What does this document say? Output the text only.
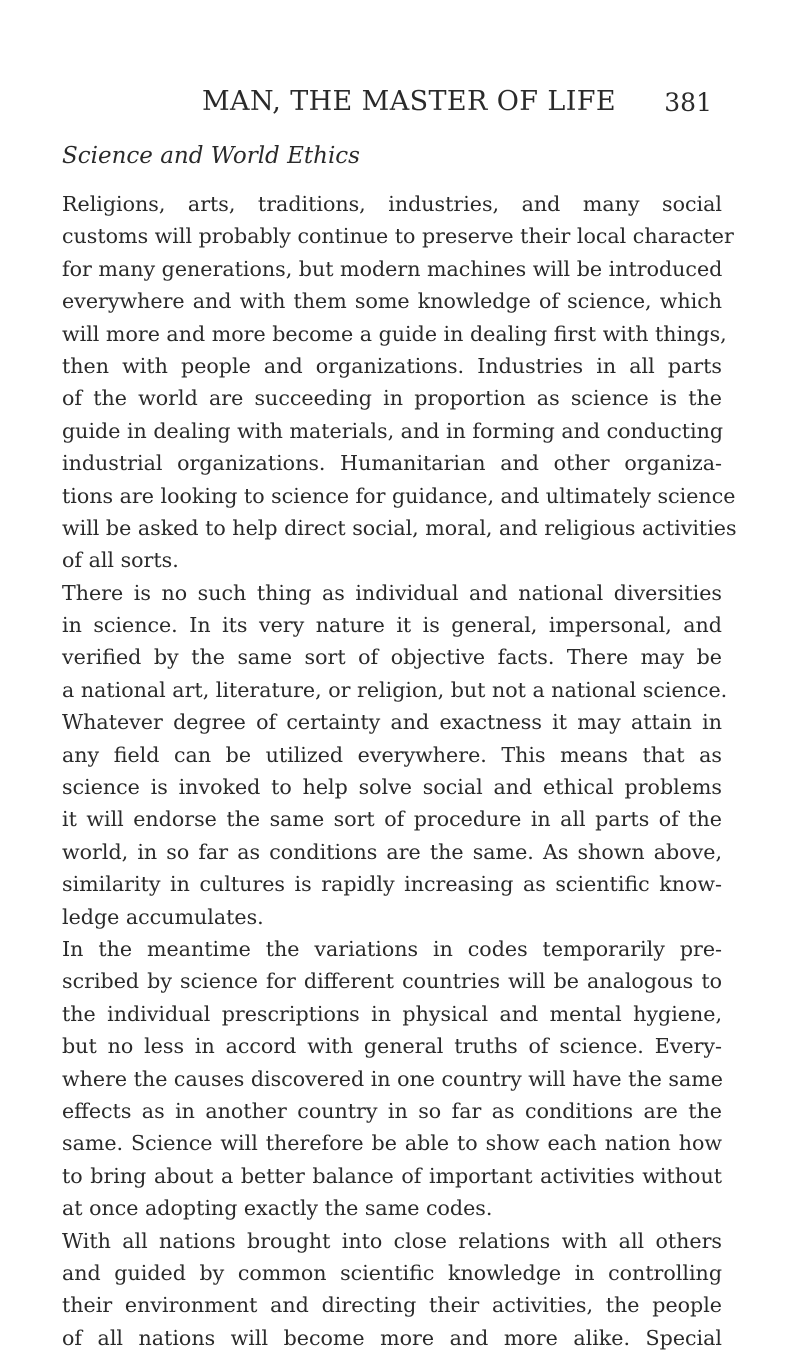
MAN, THE MASTER OF LIFE 381
Science and World Ethics
Religions, arts, traditions, industries, and many social
customs will probably continue to preserve their local character
for many generations, but modern machines will be introduced
everywhere and with them some knowledge of science, which
will more and more become a guide in dealing first with things,
then with people and organizations. Industries in all parts
of the world are succeeding in proportion as science is the
guide in dealing with materials, and in forming and conducting
industrial organizations. Humanitarian and other organiza-
tions are looking to science for guidance, and ultimately science
will be asked to help direct social, moral, and religious activities
of all sorts.
There is no such thing as individual and national diversities
in science. In its very nature it is general, impersonal, and
verified by the same sort of objective facts. There may be
a national art, literature, or religion, but not a national science.
Whatever degree of certainty and exactness it may attain in
any field can be utilized everywhere. This means that as
science is invoked to help solve social and ethical problems
it will endorse the same sort of procedure in all parts of the
world, in so far as conditions are the same. As shown above,
similarity in cultures is rapidly increasing as scientific know-
ledge accumulates.
In the meantime the variations in codes temporarily pre-
scribed by science for different countries will be analogous to
the individual prescriptions in physical and mental hygiene,
but no less in accord with general truths of science. Every-
where the causes discovered in one country will have the same
effects as in another country in so far as conditions are the
same. Science will therefore be able to show each nation how
to bring about a better balance of important activities without
at once adopting exactly the same codes.
With all nations brought into close relations with all others
and guided by common scientific knowledge in controlling
their environment and directing their activities, the people
of all nations will become more and more alike. Special
